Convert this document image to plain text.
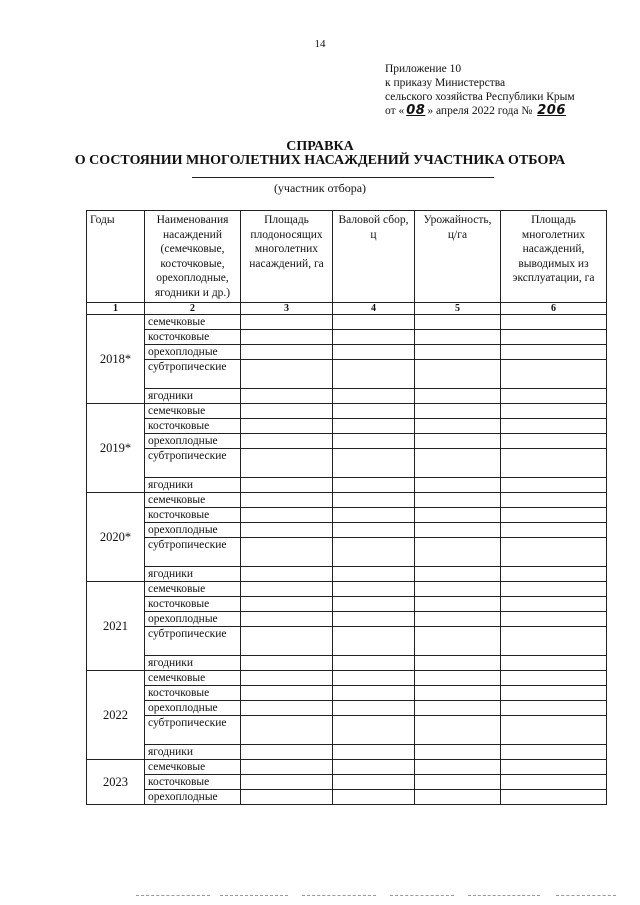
14
Приложение 10
к приказу Министерства
сельского хозяйства Республики Крым
от « 08 » апреля 2022 года № 206
СПРАВКА
О СОСТОЯНИИ МНОГОЛЕТНИХ НАСАЖДЕНИЙ УЧАСТНИКА ОТБОРА
(участник отбора)
Годы	Наименования насаждений (семечковые, косточковые, орехоплодные, ягодники и др.)	Площадь плодоносящих многолетних насаждений, га	Валовой сбор, ц	Урожайность, ц/га	Площадь многолетних насаждений, выводимых из эксплуатации, га
1	2	3	4	5	6
2018*	семечковые				
	косточковые				
	орехоплодные				
	субтропические				
	ягодники				
2019*	семечковые				
	косточковые				
	орехоплодные				
	субтропические				
	ягодники				
2020*	семечковые				
	косточковые				
	орехоплодные				
	субтропические				
	ягодники				
2021	семечковые				
	косточковые				
	орехоплодные				
	субтропические				
	ягодники				
2022	семечковые				
	косточковые				
	орехоплодные				
	субтропические				
	ягодники				
2023	семечковые				
	косточковые				
	орехоплодные				
